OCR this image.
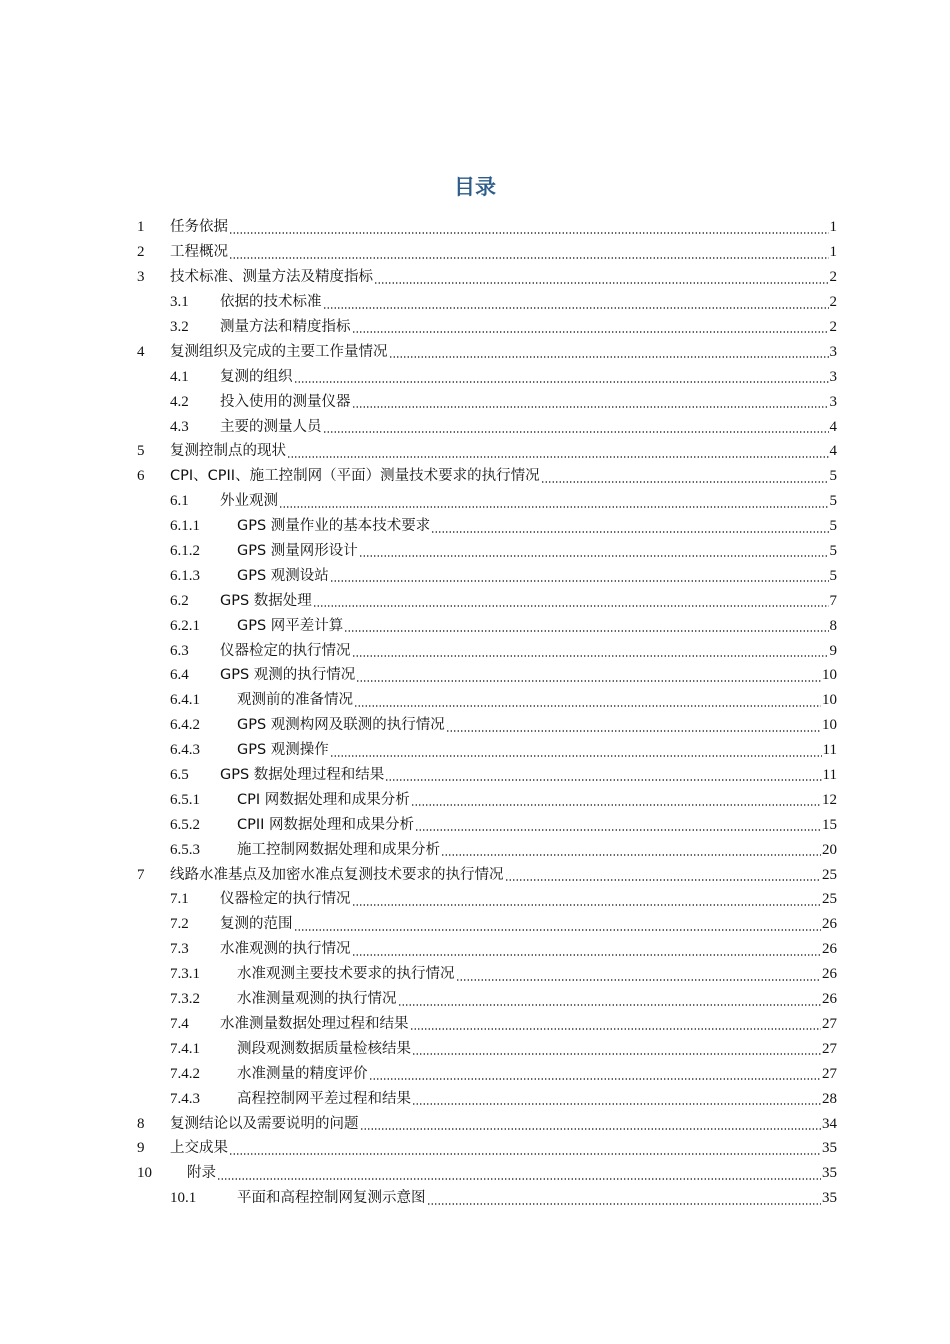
目录
1	任务依据	1
2	工程概况	1
3	技术标准、测量方法及精度指标	2
3.1	依据的技术标准	2
3.2	测量方法和精度指标	2
4	复测组织及完成的主要工作量情况	3
4.1	复测的组织	3
4.2	投入使用的测量仪器	3
4.3	主要的测量人员	4
5	复测控制点的现状	4
6	CPI、CPII、施工控制网（平面）测量技术要求的执行情况	5
6.1	外业观测	5
6.1.1	GPS 测量作业的基本技术要求	5
6.1.2	GPS 测量网形设计	5
6.1.3	GPS 观测设站	5
6.2	GPS 数据处理	7
6.2.1	GPS 网平差计算	8
6.3	仪器检定的执行情况	9
6.4	GPS 观测的执行情况	10
6.4.1	观测前的准备情况	10
6.4.2	GPS 观测构网及联测的执行情况	10
6.4.3	GPS 观测操作	11
6.5	GPS 数据处理过程和结果	11
6.5.1	CPI 网数据处理和成果分析	12
6.5.2	CPII 网数据处理和成果分析	15
6.5.3	施工控制网数据处理和成果分析	20
7	线路水准基点及加密水准点复测技术要求的执行情况	25
7.1	仪器检定的执行情况	25
7.2	复测的范围	26
7.3	水准观测的执行情况	26
7.3.1	水准观测主要技术要求的执行情况	26
7.3.2	水准测量观测的执行情况	26
7.4	水准测量数据处理过程和结果	27
7.4.1	测段观测数据质量检核结果	27
7.4.2	水准测量的精度评价	27
7.4.3	高程控制网平差过程和结果	28
8	复测结论以及需要说明的问题	34
9	上交成果	35
10	附录	35
10.1	平面和高程控制网复测示意图	35
